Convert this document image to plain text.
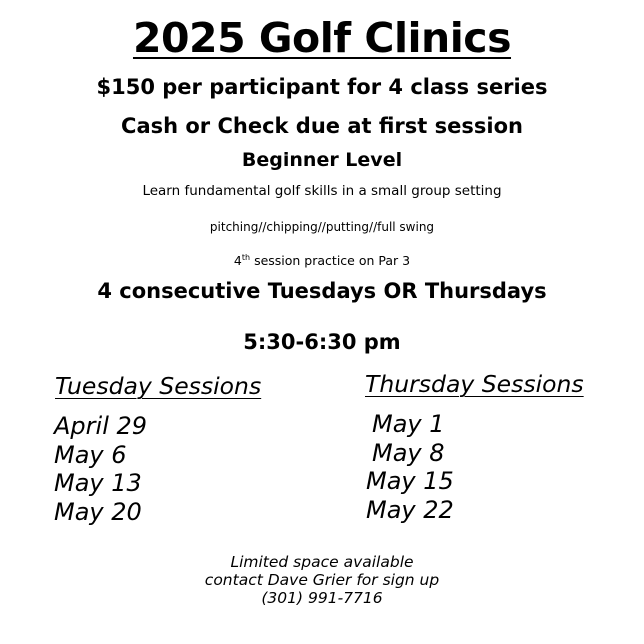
2025 Golf Clinics
$150 per participant for 4 class series
Cash or Check due at first session
Beginner Level
Learn fundamental golf skills in a small group setting
pitching//chipping//putting//full swing
4th session practice on Par 3
4 consecutive Tuesdays OR Thursdays
5:30-6:30 pm
Tuesday Sessions
April 29
May 6
May 13
May 20
Thursday Sessions
May 1
May 8
May 15
May 22
Limited space available
contact Dave Grier for sign up
(301) 991-7716
